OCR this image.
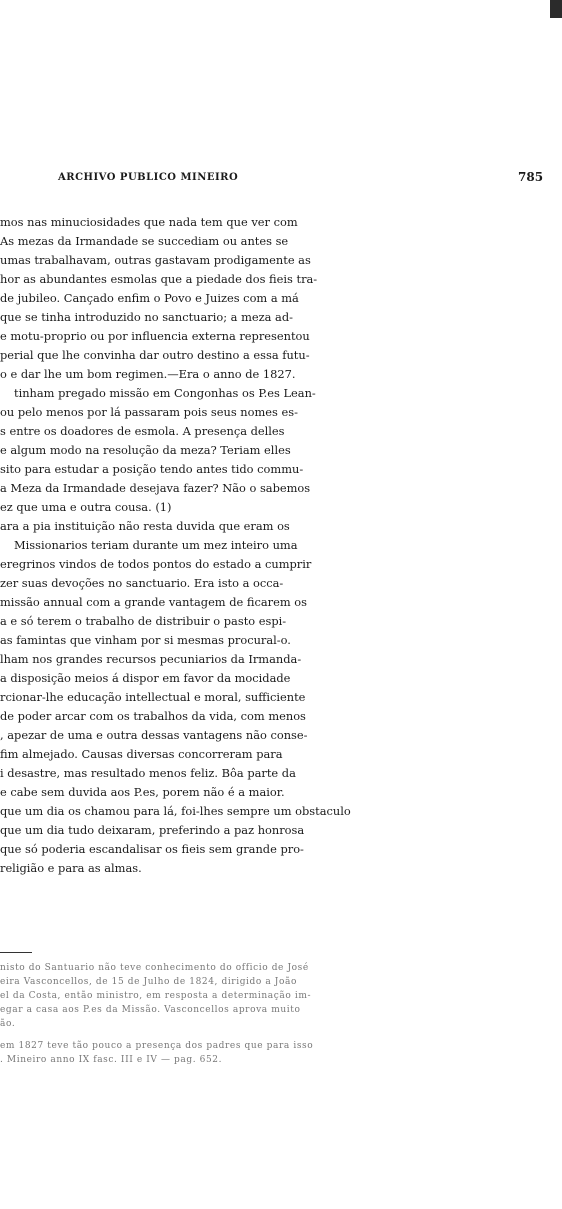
ARCHIVO PUBLICO MINEIRO	785
mos nas minuciosidades que nada tem que ver com
As mezas da Irmandade se succediam ou antes se
umas trabalhavam, outras gastavam prodigamente as
hor as abundantes esmolas que a piedade dos fieis tra-
de jubileo. Cançado enfim o Povo e Juizes com a má
que se tinha introduzido no sanctuario; a meza ad-
e motu-proprio ou por influencia externa representou
perial que lhe convinha dar outro destino a essa futu-
o e dar lhe um bom regimen.—Era o anno de 1827.
tinham pregado missão em Congonhas os P.es Lean-
ou pelo menos por lá passaram pois seus nomes es-
s entre os doadores de esmola. A presença delles
e algum modo na resolução da meza? Teriam elles
sito para estudar a posição tendo antes tido commu-
a Meza da Irmandade desejava fazer? Não o sabemos
ez que uma e outra cousa. (1)
ara a pia instituição não resta duvida que eram os
Missionarios teriam durante um mez inteiro uma
eregrinos vindos de todos pontos do estado a cumprir
zer suas devoções no sanctuario. Era isto a occa-
missão annual com a grande vantagem de ficarem os
a e só terem o trabalho de distribuir o pasto espi-
as famintas que vinham por si mesmas procural-o.
lham nos grandes recursos pecuniarios da Irmanda-
a disposição meios á dispor em favor da mocidade
rcionar-lhe educação intellectual e moral, sufficiente
de poder arcar com os trabalhos da vida, com menos
, apezar de uma e outra dessas vantagens não conse-
fim almejado. Causas diversas concorreram para
i desastre, mas resultado menos feliz. Bôa parte da
e cabe sem duvida aos P.es, porem não é a maior.
que um dia os chamou para lá, foi-lhes sempre um obstaculo
que um dia tudo deixaram, preferindo a paz honrosa
que só poderia escandalisar os fieis sem grande pro-
religião e para as almas.
nisto do Santuario não teve conhecimento do officio de José
eira Vasconcellos, de 15 de Julho de 1824, dirigido a João
el da Costa, então ministro, em resposta a determinação im-
egar a casa aos P.es da Missão. Vasconcellos aprova muito
ão.
em 1827 teve tão pouco a presença dos padres que para isso
. Mineiro anno IX fasc. III e IV — pag. 652.
